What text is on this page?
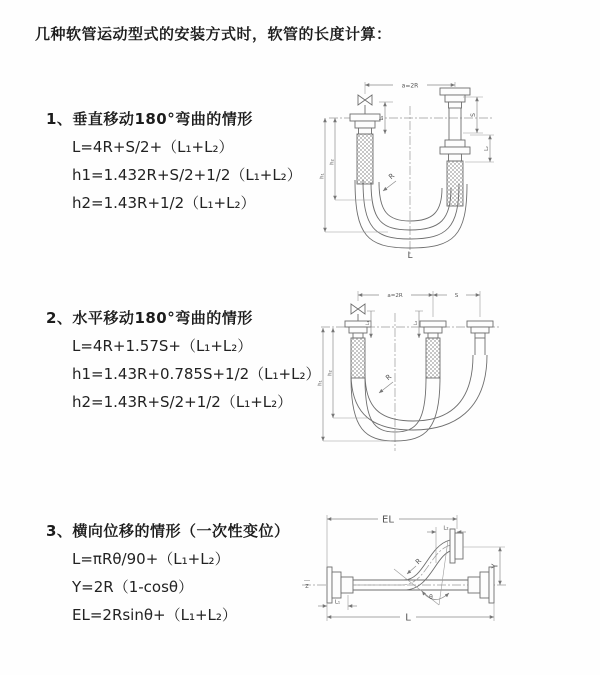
几种软管运动型式的安装方式时，软管的长度计算：
1、垂直移动180°弯曲的情形
L=4R+S/2+（L₁+L₂）
h1=1.432R+S/2+1/2（L₁+L₂）
h2=1.43R+1/2（L₁+L₂）
2、水平移动180°弯曲的情形
L=4R+1.57S+（L₁+L₂）
h1=1.43R+0.785S+1/2（L₁+L₂）
h2=1.43R+S/2+1/2（L₁+L₂）
3、横向位移的情形（一次性变位）
L=πRθ/90+（L₁+L₂）
Y=2R（1-cosθ）
EL=2Rsinθ+（L₁+L₂）
a=2R
h₁
h₂
L₁
S
L₂
R
L
a=2R	S
L₁	L₂
h₁
h₂	R
Z
EL
L₂
Y
R
θ
L
L₁
